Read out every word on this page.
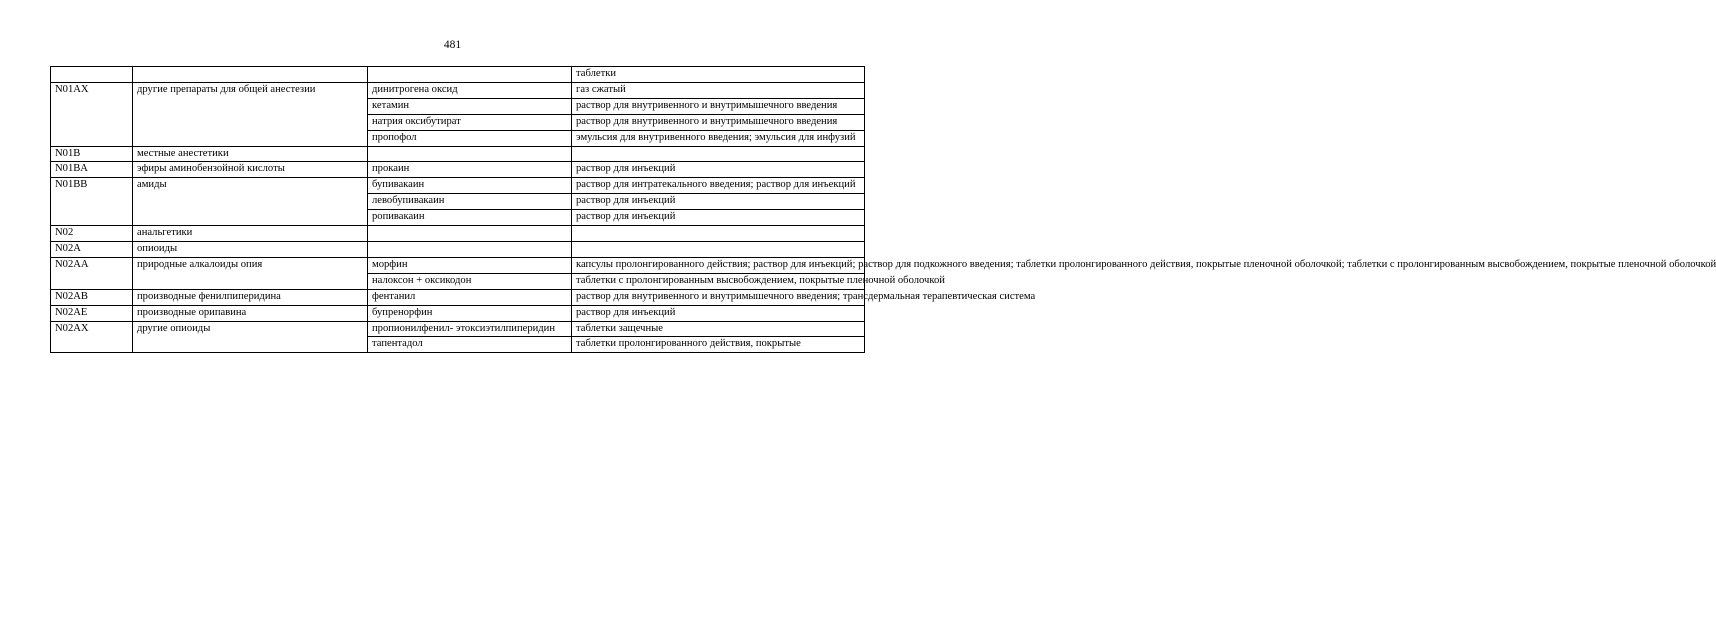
481
			таблетки
N01AX	другие препараты для общей анестезии	динитрогена оксид	газ сжатый
		кетамин	раствор для внутривенного и внутримышечного введения
		натрия оксибутират	раствор для внутривенного и внутримышечного введения
		пропофол	эмульсия для внутривенного введения; эмульсия для инфузий
N01B	местные анестетики		
N01BA	эфиры аминобензойной кислоты	прокаин	раствор для инъекций
N01BB	амиды	бупивакаин	раствор для интратекального введения; раствор для инъекций
		левобупивакаин	раствор для инъекций
		ропивакаин	раствор для инъекций
N02	анальгетики		
N02A	опиоиды		
N02AA	природные алкалоиды опия	морфин	капсулы пролонгированного действия; раствор для инъекций; раствор для подкожного введения; таблетки пролонгированного действия, покрытые пленочной оболочкой; таблетки с пролонгированным высвобождением, покрытые пленочной оболочкой
		налоксон + оксикодон	таблетки с пролонгированным высвобождением, покрытые пленочной оболочкой
N02AB	производные фенилпиперидина	фентанил	раствор для внутривенного и внутримышечного введения; трансдермальная терапевтическая система
N02AE	производные орипавина	бупренорфин	раствор для инъекций
N02AX	другие опиоиды	пропионилфенил- этоксиэтилпиперидин	таблетки защечные
		тапентадол	таблетки пролонгированного действия, покрытые
